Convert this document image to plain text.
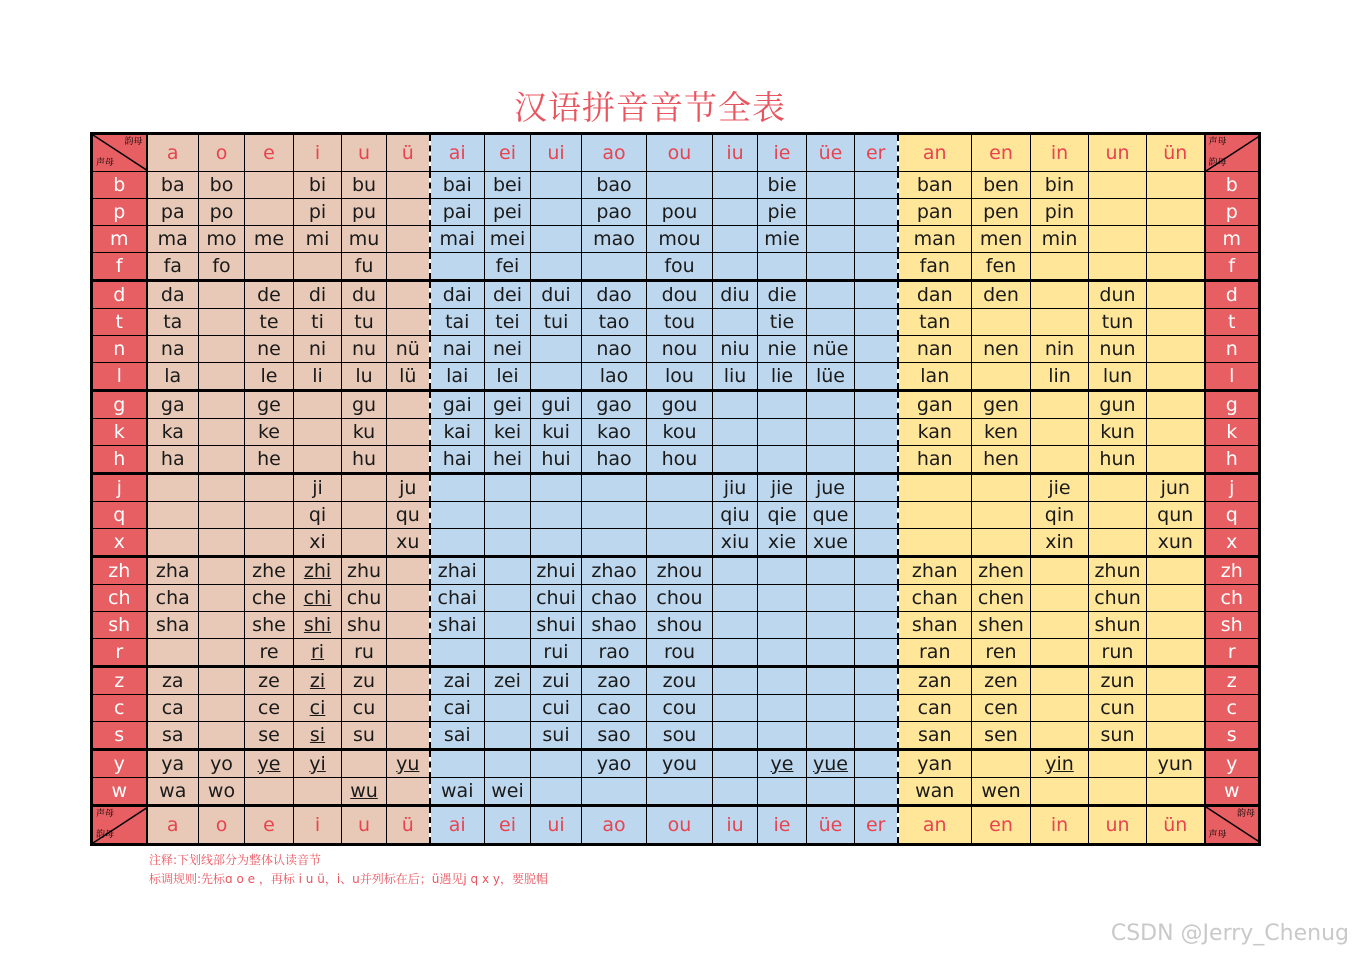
汉语拼音音节全表
韵母
声母	a	o	e	i	u	ü	ai	ei	ui	ao	ou	iu	ie	üe	er	an	en	in	un	ün	声母
韵母

b	ba	bo		bi	bu		bai	bei		bao			bie			ban	ben	bin			b
p	pa	po		pi	pu		pai	pei		pao	pou		pie			pan	pen	pin			p
m	ma	mo	me	mi	mu		mai	mei		mao	mou		mie			man	men	min			m
f	fa	fo			fu			fei			fou					fan	fen				f
d	da		de	di	du		dai	dei	dui	dao	dou	diu	die			dan	den		dun		d
t	ta		te	ti	tu		tai	tei	tui	tao	tou		tie			tan			tun		t
n	na		ne	ni	nu	nü	nai	nei		nao	nou	niu	nie	nüe		nan	nen	nin	nun		n
l	la		le	li	lu	lü	lai	lei		lao	lou	liu	lie	lüe		lan		lin	lun		l
g	ga		ge		gu		gai	gei	gui	gao	gou					gan	gen		gun		g
k	ka		ke		ku		kai	kei	kui	kao	kou					kan	ken		kun		k
h	ha		he		hu		hai	hei	hui	hao	hou					han	hen		hun		h
j				ji		ju						jiu	jie	jue				jie		jun	j
q				qi		qu						qiu	qie	que				qin		qun	q
x				xi		xu						xiu	xie	xue				xin		xun	x
zh	zha		zhe	zhi	zhu		zhai		zhui	zhao	zhou					zhan	zhen		zhun		zh
ch	cha		che	chi	chu		chai		chui	chao	chou					chan	chen		chun		ch
sh	sha		she	shi	shu		shai		shui	shao	shou					shan	shen		shun		sh
r			re	ri	ru				rui	rao	rou					ran	ren		run		r
z	za		ze	zi	zu		zai	zei	zui	zao	zou					zan	zen		zun		z
c	ca		ce	ci	cu		cai		cui	cao	cou					can	cen		cun		c
s	sa		se	si	su		sai		sui	sao	sou					san	sen		sun		s
y	ya	yo	ye	yi		yu				yao	you		ye	yue		yan		yin		yun	y
w	wa	wo			wu		wai	wei								wan	wen				w

声母
韵母	a	o	e	i	u	ü	ai	ei	ui	ao	ou	iu	ie	üe	er	an	en	in	un	ün	韵母
声母
注释:下划线部分为整体认读音节
标调规则:先标ɑ o e ，再标 i u ü，i、u并列标在后；ü遇见j q x y，要脱帽
CSDN @Jerry_Chenug
